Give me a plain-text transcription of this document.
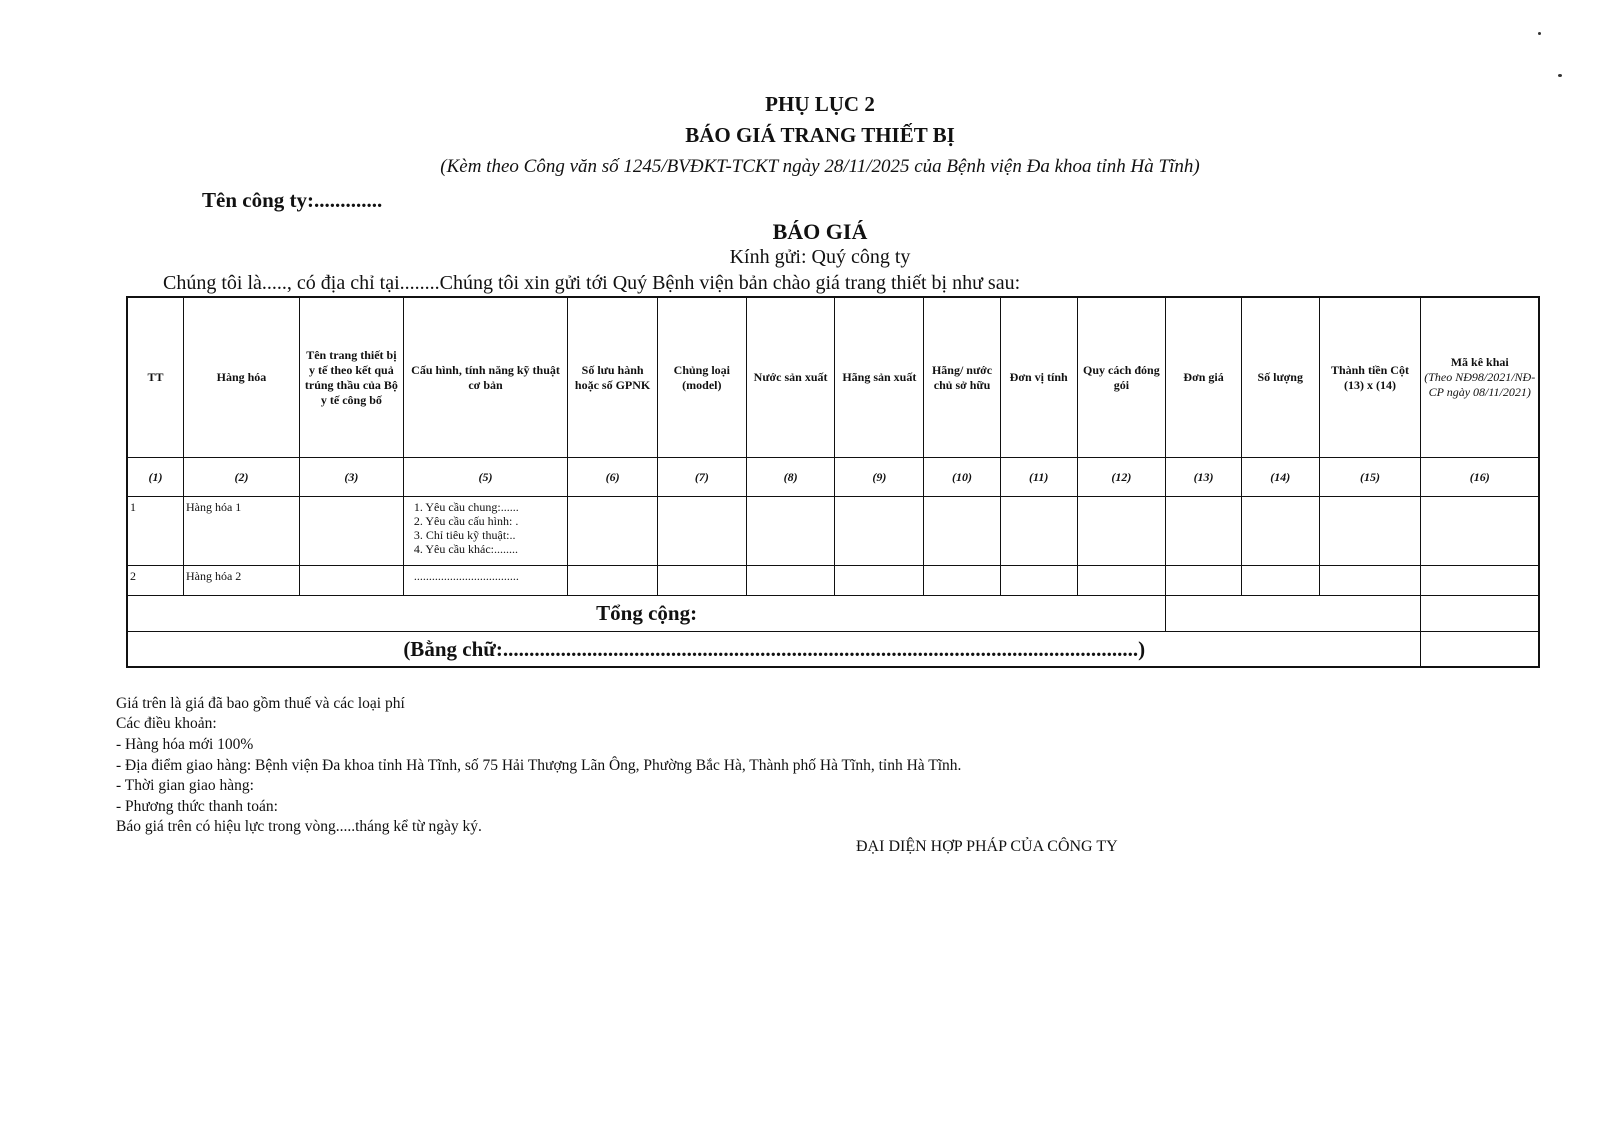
PHỤ LỤC 2
BÁO GIÁ TRANG THIẾT BỊ
(Kèm theo Công văn số 1245/BVĐKT-TCKT ngày 28/11/2025 của Bệnh viện Đa khoa tỉnh Hà Tĩnh)
Tên công ty:.............
BÁO GIÁ
Kính gửi: Quý công ty
Chúng tôi là....., có địa chỉ tại........Chúng tôi xin gửi tới Quý Bệnh viện bản chào giá trang thiết bị như sau:
TT	Hàng hóa	Tên trang thiết bị y tế theo kết quả trúng thầu của Bộ y tế công bố	Cấu hình, tính năng kỹ thuật cơ bản	Số lưu hành hoặc số GPNK	Chủng loại (model)	Nước sản xuất	Hãng sản xuất	Hãng/ nước chủ sở hữu	Đơn vị tính	Quy cách đóng gói	Đơn giá	Số lượng	Thành tiền Cột (13) x (14)	Mã kê khai
(Theo NĐ98/2021/NĐ-CP ngày 08/11/2021)
(1)	(2)	(3)	(5)	(6)	(7)	(8)	(9)	(10)	(11)	(12)	(13)	(14)	(15)	(16)
1	Hàng hóa 1		1. Yêu cầu chung:......
2. Yêu cầu cấu hình: .
3. Chỉ tiêu kỹ thuật:..
4. Yêu cầu khác:........											

2	Hàng hóa 2		...................................											

Tổng cộng:														
(Bằng chữ:.........................................................................................................................)														
Giá trên là giá đã bao gồm thuế và các loại phí
Các điều khoản:
- Hàng hóa mới 100%
- Địa điểm giao hàng: Bệnh viện Đa khoa tỉnh Hà Tĩnh, số 75 Hải Thượng Lãn Ông, Phường Bắc Hà, Thành phố Hà Tĩnh, tỉnh Hà Tĩnh.
- Thời gian giao hàng:
- Phương thức thanh toán:
Báo giá trên có hiệu lực trong vòng.....tháng kể từ ngày ký.
ĐẠI DIỆN HỢP PHÁP CỦA CÔNG TY
